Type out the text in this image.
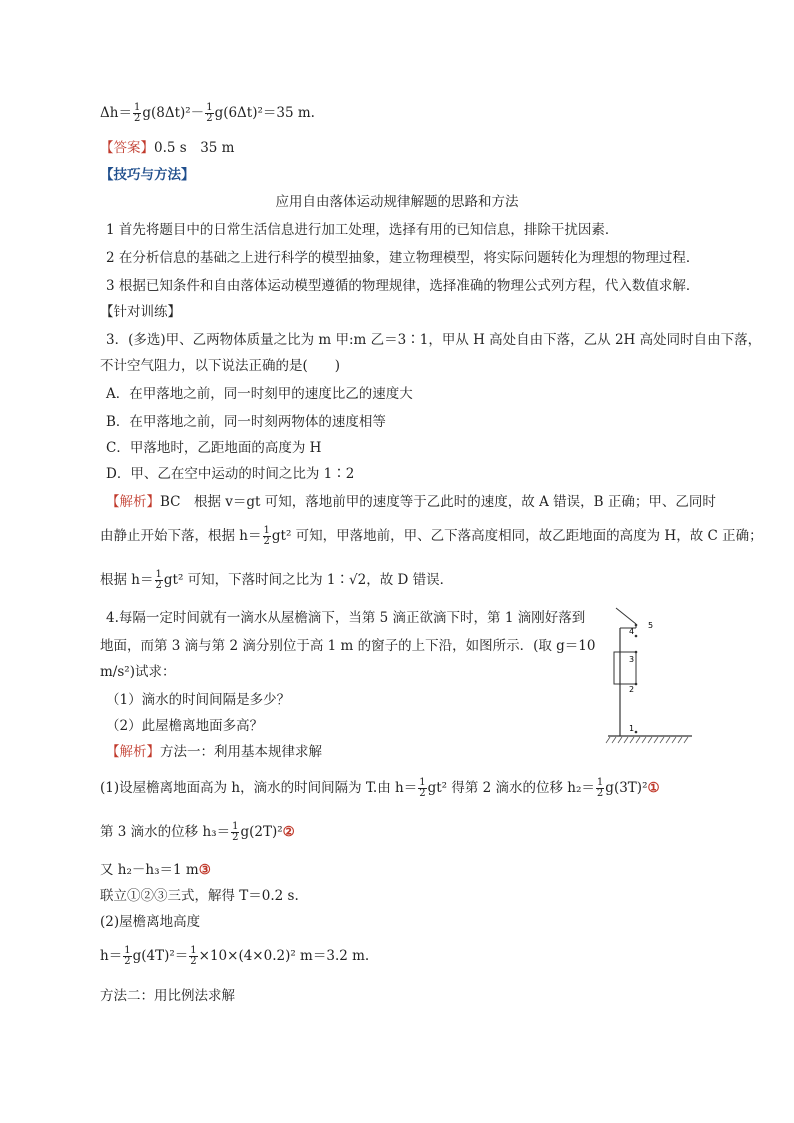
$\Delta h= \frac{1}{2} g(8\Delta t)^2- \frac{1}{2} g(6\Delta t)^2=35$ m.
【答案】0.5 s　35 m
【技巧与方法】
应用自由落体运动规律解题的思路和方法
1 首先将题目中的日常生活信息进行加工处理，选择有用的已知信息，排除干扰因素．
2 在分析信息的基础之上进行科学的模型抽象，建立物理模型，将实际问题转化为理想的物理过程．
3 根据已知条件和自由落体运动模型遵循的物理规律，选择准确的物理公式列方程，代入数值求解．
【针对训练】
3．(多选)甲、乙两物体质量之比为 m 甲:m 乙＝3∶1，甲从 H 高处自由下落，乙从 2H 高处同时自由下落，
不计空气阻力，以下说法正确的是(　　)
A．在甲落地之前，同一时刻甲的速度比乙的速度大
B．在甲落地之前，同一时刻两物体的速度相等
C．甲落地时，乙距地面的高度为 H
D．甲、乙在空中运动的时间之比为 1∶2
【解析】BC　根据 v＝gt 可知，落地前甲的速度等于乙此时的速度，故 A 错误，B 正确；甲、乙同时
由静止开始下落，根据 $h= \frac{1}{2} gt^2$ 可知，甲落地前，甲、乙下落高度相同，故乙距地面的高度为 H，故 C 正确；
根据 $h= \frac{1}{2} gt^2$ 可知，下落时间之比为 1∶√2，故 D 错误．
4.每隔一定时间就有一滴水从屋檐滴下，当第 5 滴正欲滴下时，第 1 滴刚好落到
地面，而第 3 滴与第 2 滴分别位于高 1 m 的窗子的上下沿，如图所示．(取 g＝10
m/s²)试求：
（1）滴水的时间间隔是多少？
（2）此屋檐离地面多高？
【解析】方法一：利用基本规律求解
(1)设屋檐离地面高为 h，滴水的时间间隔为 T.由 $h= \frac{1}{2} gt^2$ 得第 2 滴水的位移 $h_2= \frac{1}{2}$ g(3T)²①
第 3 滴水的位移 $h_3= \frac{1}{2}$ g(2T)²②
又 h₂－h₃＝1 m③
联立①②③三式，解得 T＝0.2 s.
(2)屋檐离地高度
$h= \frac{1}{2} g(4T)^2= \frac{1}{2} \times 10\times(4\times 0.2)^2$ m＝3.2 m.
方法二：用比例法求解
5
4
3
2
1
